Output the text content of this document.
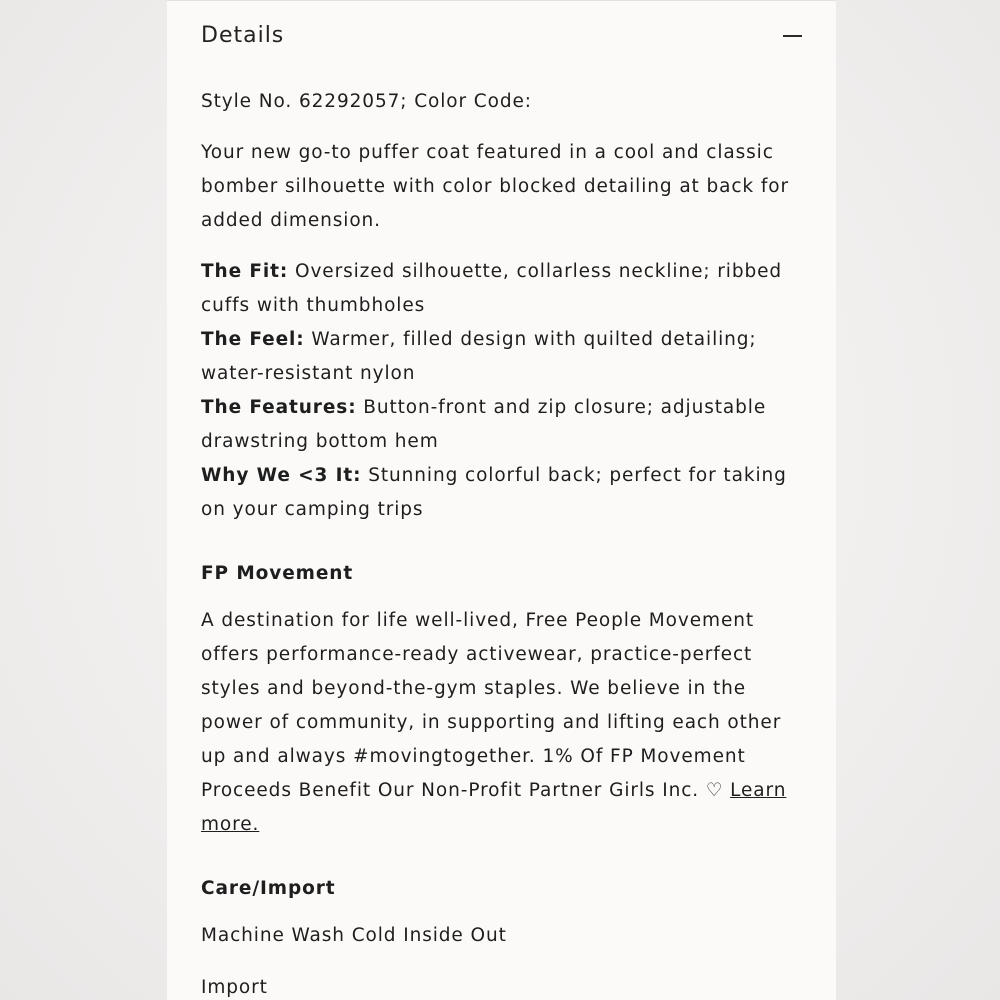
Details

Style No. 62292057; Color Code:

Your new go-to puffer coat featured in a cool and classic bomber silhouette with color blocked detailing at back for added dimension.

The Fit: Oversized silhouette, collarless neckline; ribbed cuffs with thumbholes

The Feel: Warmer, filled design with quilted detailing; water-resistant nylon

The Features: Button-front and zip closure; adjustable drawstring bottom hem

Why We <3 It: Stunning colorful back; perfect for taking on your camping trips

FP Movement

A destination for life well-lived, Free People Movement offers performance-ready activewear, practice-perfect styles and beyond-the-gym staples. We believe in the power of community, in supporting and lifting each other up and always #movingtogether. 1% Of FP Movement Proceeds Benefit Our Non-Profit Partner Girls Inc. ♡ Learn more.

Care/Import

Machine Wash Cold Inside Out

Import
